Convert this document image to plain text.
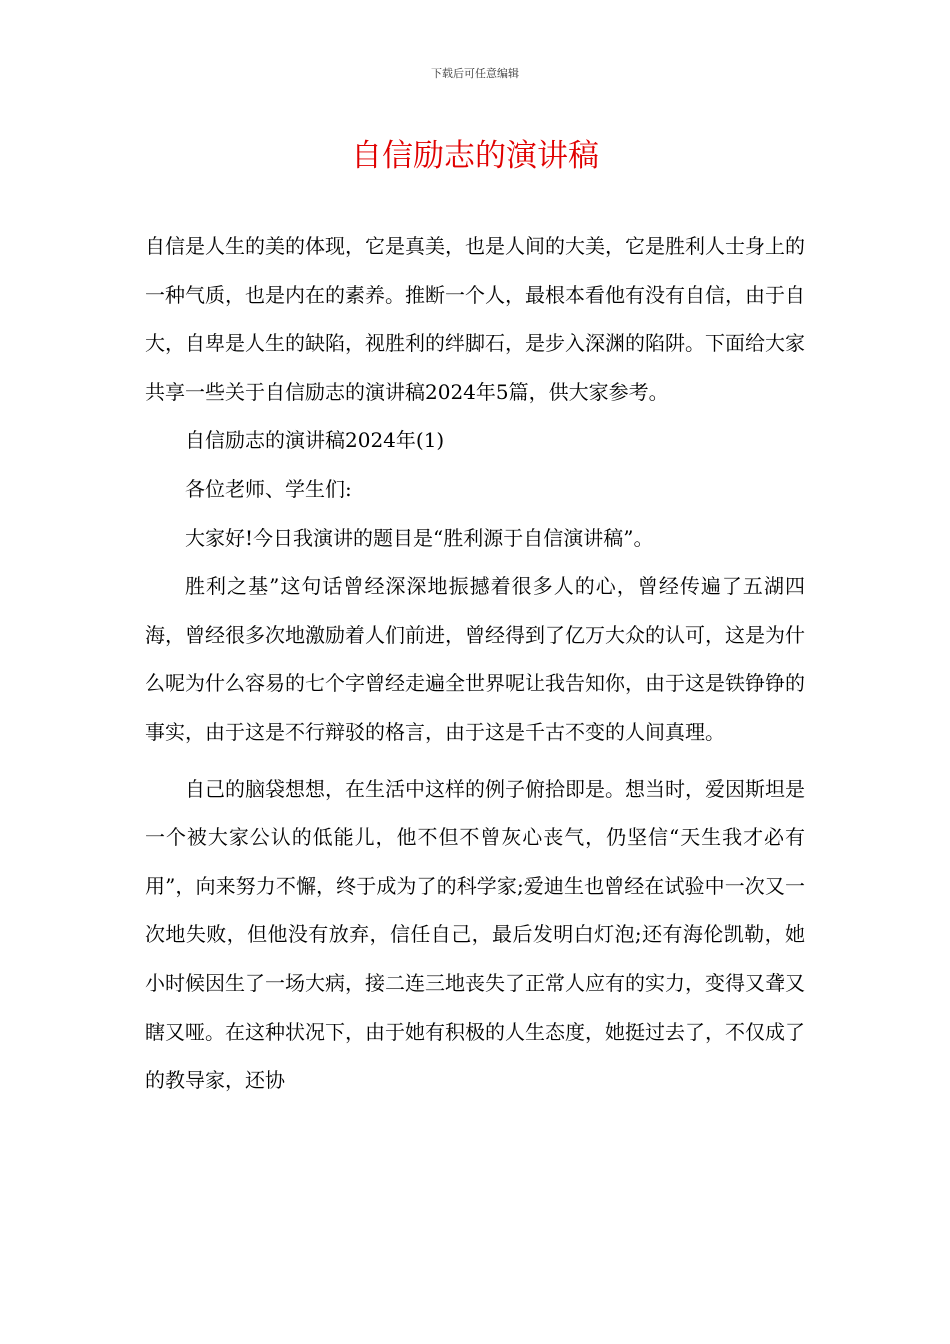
下载后可任意编辑
自信励志的演讲稿

自信是人生的美的体现，它是真美，也是人间的大美，它是胜利人士身上的一种气质，也是内在的素养。推断一个人，最根本看他有没有自信，由于自大，自卑是人生的缺陷，视胜利的绊脚石，是步入深渊的陷阱。下面给大家共享一些关于自信励志的演讲稿2024年5篇，供大家参考。

自信励志的演讲稿2024年(1)

各位老师、学生们:

大家好!今日我演讲的题目是“胜利源于自信演讲稿”。

胜利之基”这句话曾经深深地振撼着很多人的心，曾经传遍了五湖四海，曾经很多次地激励着人们前进，曾经得到了亿万大众的认可，这是为什么呢为什么容易的七个字曾经走遍全世界呢让我告知你，由于这是铁铮铮的事实，由于这是不行辩驳的格言，由于这是千古不变的人间真理。

自己的脑袋想想，在生活中这样的例子俯拾即是。想当时，爱因斯坦是一个被大家公认的低能儿，他不但不曾灰心丧气，仍坚信“天生我才必有用”，向来努力不懈，终于成为了的科学家;爱迪生也曾经在试验中一次又一次地失败，但他没有放弃，信任自己，最后发明白灯泡;还有海伦凯勒，她小时候因生了一场大病，接二连三地丧失了正常人应有的实力，变得又聋又瞎又哑。在这种状况下，由于她有积极的人生态度，她挺过去了，不仅成了的教导家，还协
